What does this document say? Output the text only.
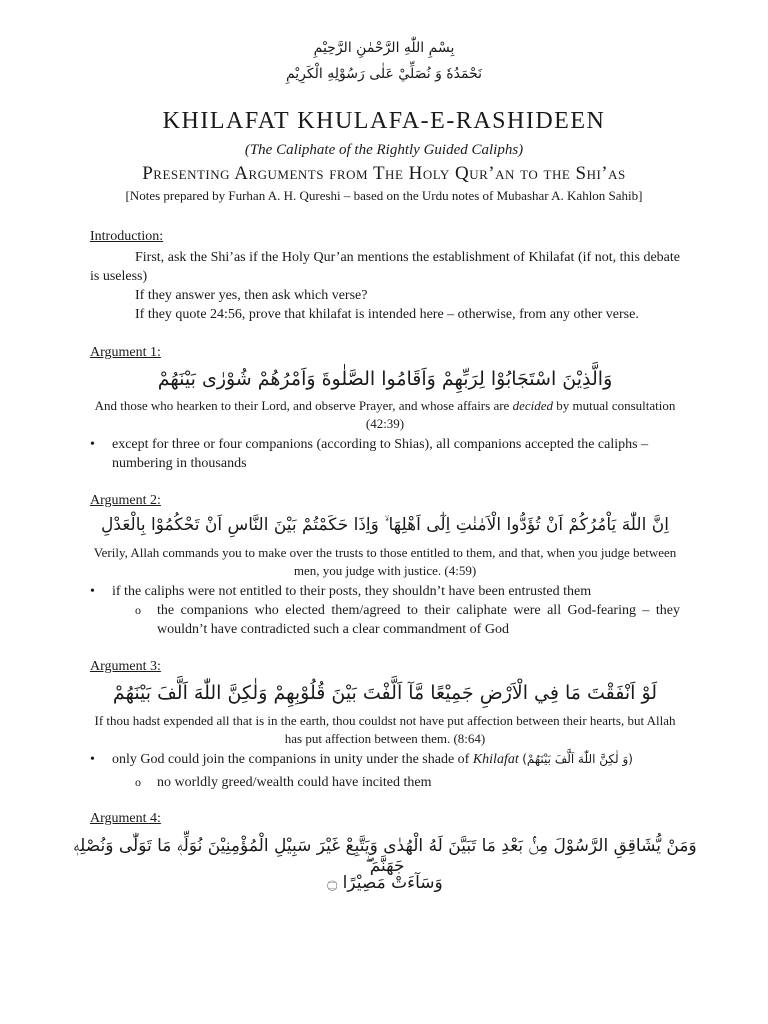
بِسْمِ اللّٰهِ الرَّحْمٰنِ الرَّحِيْمِ
نَحْمَدُهٗ وَ نُصَلِّيْ عَلٰى رَسُوْلِهِ الْكَرِيْمِ
KHILAFAT KHULAFA-E-RASHIDEEN
(The Caliphate of the Rightly Guided Caliphs)
Presenting Arguments from The Holy Qur’an to the Shi’as
[Notes prepared by Furhan A. H. Qureshi – based on the Urdu notes of Mubashar A. Kahlon Sahib]
Introduction:
First, ask the Shi’as if the Holy Qur’an mentions the establishment of Khilafat (if not, this debate is useless)
If they answer yes, then ask which verse?
If they quote 24:56, prove that khilafat is intended here – otherwise, from any other verse.
Argument 1:
وَالَّذِيْنَ اسْتَجَابُوْا لِرَبِّهِمْ وَاَقَامُوا الصَّلٰوةَ وَاَمْرُهُمْ شُوْرٰى بَيْنَهُمْ
And those who hearken to their Lord, and observe Prayer, and whose affairs are decided by mutual consultation (42:39)
•	except for three or four companions (according to Shias), all companions accepted the caliphs – numbering in thousands
Argument 2:
اِنَّ اللّٰهَ يَاْمُرُكُمْ اَنْ تُؤَدُّوا الْاَمٰنٰتِ اِلٰٓى اَهْلِهَا ۙ وَاِذَا حَكَمْتُمْ بَيْنَ النَّاسِ اَنْ تَحْكُمُوْا بِالْعَدْلِ
Verily, Allah commands you to make over the trusts to those entitled to them, and that, when you judge between men, you judge with justice. (4:59)
•	if the caliphs were not entitled to their posts, they shouldn’t have been entrusted them
o	the companions who elected them/agreed to their caliphate were all God-fearing – they wouldn’t have contradicted such a clear commandment of God
Argument 3:
لَوْ اَنْفَقْتَ مَا فِي الْاَرْضِ جَمِيْعًا مَّآ اَلَّفْتَ بَيْنَ قُلُوْبِهِمْ وَلٰكِنَّ اللّٰهَ اَلَّفَ بَيْنَهُمْ
If thou hadst expended all that is in the earth, thou couldst not have put affection between their hearts, but Allah has put affection between them. (8:64)
•	only God could join the companions in unity under the shade of Khilafat (وَ لٰكِنَّ اللّٰهَ اَلَّفَ بَيْنَهُمْ)
o	no worldly greed/wealth could have incited them
Argument 4:
وَمَنْ يُّشَاقِقِ الرَّسُوْلَ مِنْۢ بَعْدِ مَا تَبَيَّنَ لَهُ الْهُدٰى وَيَتَّبِعْ غَيْرَ سَبِيْلِ الْمُؤْمِنِيْنَ نُوَلِّهٖ مَا تَوَلّٰى وَنُصْلِهٖ جَهَنَّمَ ۖ
وَسَآءَتْ مَصِيْرًا ۝
